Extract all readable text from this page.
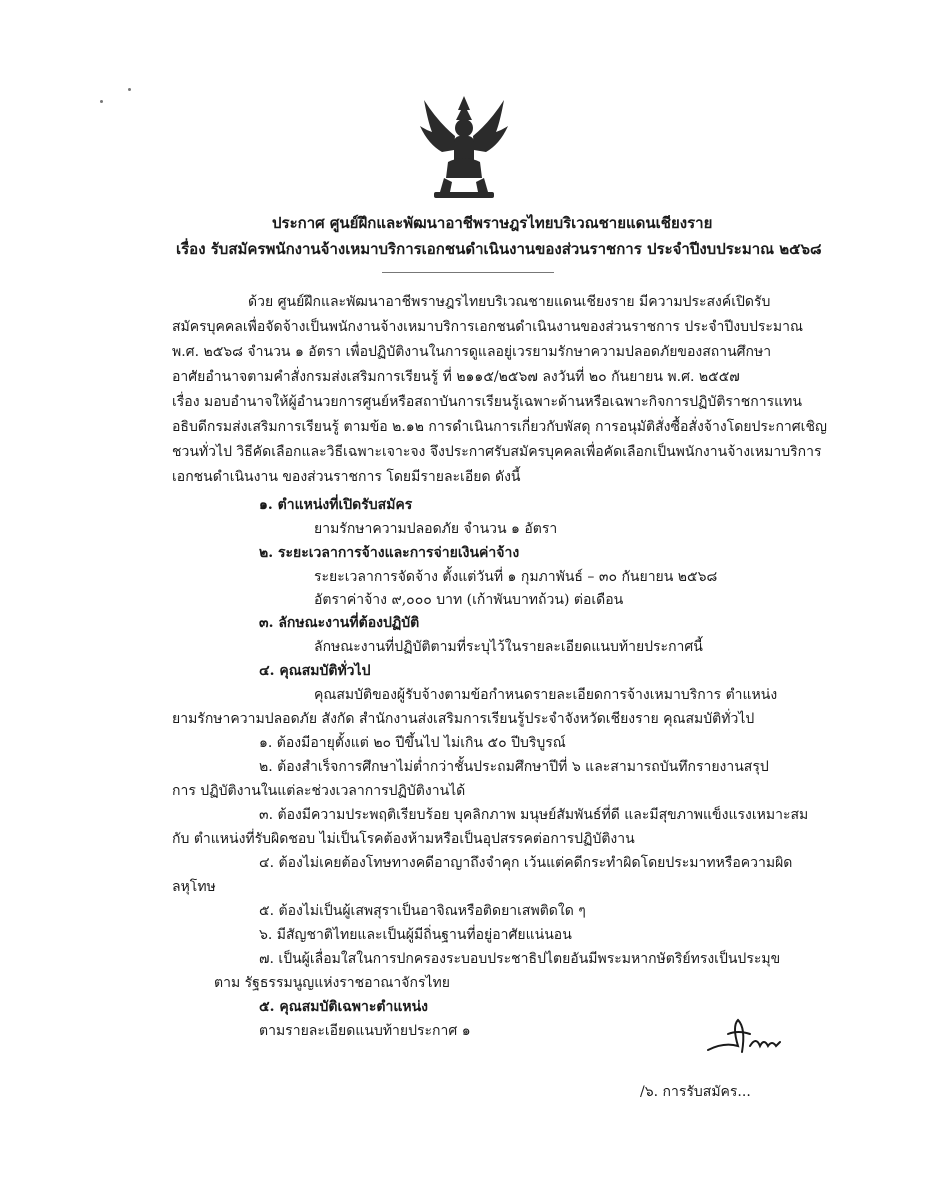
ประกาศ ศูนย์ฝึกและพัฒนาอาชีพราษฎรไทยบริเวณชายแดนเชียงราย
เรื่อง รับสมัครพนักงานจ้างเหมาบริการเอกชนดำเนินงานของส่วนราชการ ประจำปีงบประมาณ ๒๕๖๘
ด้วย ศูนย์ฝึกและพัฒนาอาชีพราษฎรไทยบริเวณชายแดนเชียงราย มีความประสงค์เปิดรับ
สมัครบุคคลเพื่อจัดจ้างเป็นพนักงานจ้างเหมาบริการเอกชนดำเนินงานของส่วนราชการ ประจำปีงบประมาณ
พ.ศ. ๒๕๖๘ จำนวน ๑ อัตรา เพื่อปฏิบัติงานในการดูแลอยู่เวรยามรักษาความปลอดภัยของสถานศึกษา
อาศัยอำนาจตามคำสั่งกรมส่งเสริมการเรียนรู้ ที่ ๒๑๑๕/๒๕๖๗ ลงวันที่ ๒๐ กันยายน พ.ศ. ๒๕๕๗
เรื่อง มอบอำนาจให้ผู้อำนวยการศูนย์หรือสถาบันการเรียนรู้เฉพาะด้านหรือเฉพาะกิจการปฏิบัติราชการแทน
อธิบดีกรมส่งเสริมการเรียนรู้ ตามข้อ ๒.๑๒ การดำเนินการเกี่ยวกับพัสดุ การอนุมัติสั่งซื้อสั่งจ้างโดยประกาศเชิญ
ชวนทั่วไป วิธีคัดเลือกและวิธีเฉพาะเจาะจง จึงประกาศรับสมัครบุคคลเพื่อคัดเลือกเป็นพนักงานจ้างเหมาบริการ
เอกชนดำเนินงาน ของส่วนราชการ โดยมีรายละเอียด ดังนี้
๑. ตำแหน่งที่เปิดรับสมัคร
ยามรักษาความปลอดภัย จำนวน ๑ อัตรา
๒. ระยะเวลาการจ้างและการจ่ายเงินค่าจ้าง
ระยะเวลาการจัดจ้าง ตั้งแต่วันที่ ๑ กุมภาพันธ์ – ๓๐ กันยายน ๒๕๖๘
อัตราค่าจ้าง ๙,๐๐๐ บาท (เก้าพันบาทถ้วน) ต่อเดือน
๓. ลักษณะงานที่ต้องปฏิบัติ
ลักษณะงานที่ปฏิบัติตามที่ระบุไว้ในรายละเอียดแนบท้ายประกาศนี้
๔. คุณสมบัติทั่วไป
คุณสมบัติของผู้รับจ้างตามข้อกำหนดรายละเอียดการจ้างเหมาบริการ ตำแหน่ง
ยามรักษาความปลอดภัย สังกัด สำนักงานส่งเสริมการเรียนรู้ประจำจังหวัดเชียงราย คุณสมบัติทั่วไป
๑. ต้องมีอายุตั้งแต่ ๒๐ ปีขึ้นไป ไม่เกิน ๕๐ ปีบริบูรณ์
๒. ต้องสำเร็จการศึกษาไม่ต่ำกว่าชั้นประถมศึกษาปีที่ ๖ และสามารถบันทึกรายงานสรุป
การ ปฏิบัติงานในแต่ละช่วงเวลาการปฏิบัติงานได้
๓. ต้องมีความประพฤติเรียบร้อย บุคลิกภาพ มนุษย์สัมพันธ์ที่ดี และมีสุขภาพแข็งแรงเหมาะสม
กับ ตำแหน่งที่รับผิดชอบ ไม่เป็นโรคต้องห้ามหรือเป็นอุปสรรคต่อการปฏิบัติงาน
๔. ต้องไม่เคยต้องโทษทางคดีอาญาถึงจำคุก เว้นแต่คดีกระทำผิดโดยประมาทหรือความผิด
ลหุโทษ
๕. ต้องไม่เป็นผู้เสพสุราเป็นอาจิณหรือติดยาเสพติดใด ๆ
๖. มีสัญชาติไทยและเป็นผู้มีถิ่นฐานที่อยู่อาศัยแน่นอน
๗. เป็นผู้เลื่อมใสในการปกครองระบอบประชาธิปไตยอันมีพระมหากษัตริย์ทรงเป็นประมุข
ตาม รัฐธรรมนูญแห่งราชอาณาจักรไทย
๕. คุณสมบัติเฉพาะตำแหน่ง
ตามรายละเอียดแนบท้ายประกาศ ๑
/๖. การรับสมัคร...
